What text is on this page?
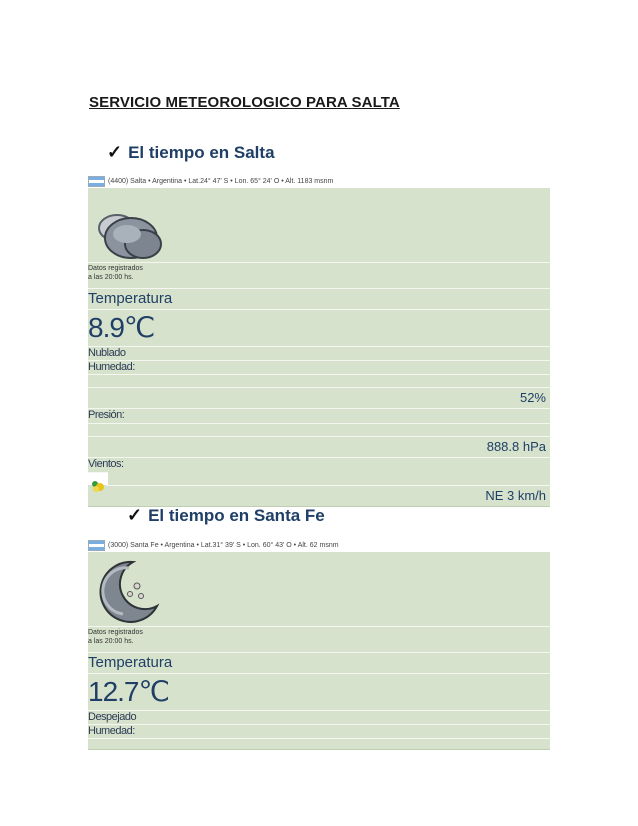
SERVICIO METEOROLOGICO PARA SALTA
✓ El tiempo en Salta
(4400) Salta • Argentina • Lat.24° 47' S • Lon. 65° 24' O • Alt. 1183 msnm
Datos registrados
a las 20:00 hs.
Temperatura
8.9℃
Nublado
Humedad:
52%
Presión:
888.8 hPa
Vientos:
NE 3 km/h
✓ El tiempo en Santa Fe
(3000) Santa Fe • Argentina • Lat.31° 39' S • Lon. 60° 43' O • Alt. 62 msnm
Datos registrados
a las 20:00 hs.
Temperatura
12.7℃
Despejado
Humedad:
